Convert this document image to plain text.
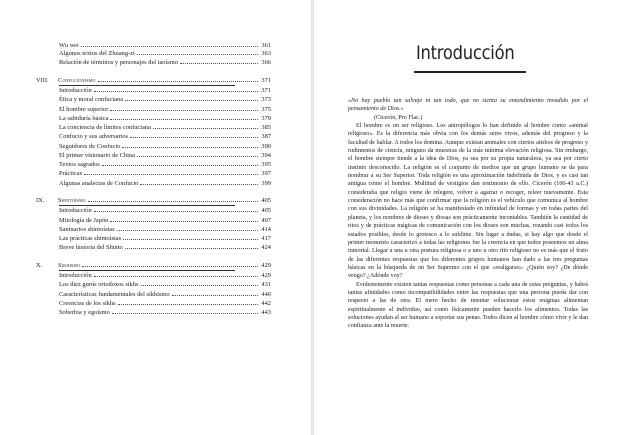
Wu wei	361
Algunos textos del Zhuang-zi	363
Relación de términos y personajes del taoísmo	366
VIII.	Confucionismo	371
Introducción	371
Ética y moral confuciana	373
El hombre superior	375
La sabiduría básica	379
La conciencia de límites confuciana	385
Confucio y sus adversarios	387
Seguidores de Confucio	390
El primer visionario de China	394
Textos sagrados	395
Prácticas	397
Algunas analectas de Confucio	399
IX.	Shintoísmo	405
Introducción	405
Mitología de Japón	407
Santuarios shintoístas	414
Las prácticas shintoístas	417
Breve historia del Shinto	424
X.	Sikhismo	429
Introducción	429
Los diez gurús ortodoxos sikhs	431
Características fundamentales del sikhismo	440
Creencias de los sikhs	442
Soberbia y egoísmo	443
Introducción

«No hay pueblo tan salvaje ni tan todo, que no sienta su entendimiento invadido por el pensamiento de Dios.»

(Cicerón, Pro Flac.)

El hombre es un ser religioso. Los antropólogos lo han definido al hombre como «animal religioso». Es la diferencia más obvia con los demás seres vivos, además del progreso y la facultad de hablar. A todos los domina. Aunque existan animales con ciertos atisbos de progreso y rudimentos de ciencia, ninguno da muestras de la más mínima elevación religiosa. Sin embargo, el hombre siempre tiende a la idea de Dios, ya sea por su propia naturaleza, ya sea por cierto instinto desconocido. La religión es el conjunto de medios que un grupo humano se da para nombrar a su Ser Superior. Toda religión es una aproximación indefinida de Dios, y es casi tan antigua como el hombre. Multitud de vestigios dan testimonio de ello. Cicerón (106-43 a.C.) consideraba que religio viene de relegere, volver a agarrar o recoger, releer nuevamente. Esta consideración no hace más que confirmar que la religión es el vehículo que comunica al hombre con sus divinidades. La religión se ha manifestado en infinidad de formas y en todas partes del planeta, y los nombres de dioses y diosas son prácticamente incontables. También la cantidad de ritos y de prácticas mágicas de comunicación con los dioses son muchas, rozando casi todos los estados posibles, desde lo grotesco a lo sublime. Sin lugar a dudas, si hay algo que desde el primer momento caracterizó a todas las religiones fue la creencia en que todos poseemos un alma inmortal. Llegar a una u otra postura religiosa o a uno u otro rito religioso no es más que el fruto de las diferentes respuestas que los diferentes grupos humanos han dado a las tres preguntas básicas en la búsqueda de un Ser Supremo con el que «realigarse»: ¿Quién soy? ¿De dónde vengo? ¿Adónde voy?

Evidentemente existen tantas respuestas como personas a cada una de estas preguntas, y habrá tantas afinidades como incompatibilidades entre las respuestas que una persona pueda dar con respecto a las de otra. El mero hecho de intentar solucionar estos enigmas alimentan espiritualmente al individuo, así como físicamente pueden hacerlo los alimentos. Todas las soluciones ayudan al ser humano a soportar sus penas. Todos dicen al hombre cómo vivir y le dan confianza ante la muerte.
